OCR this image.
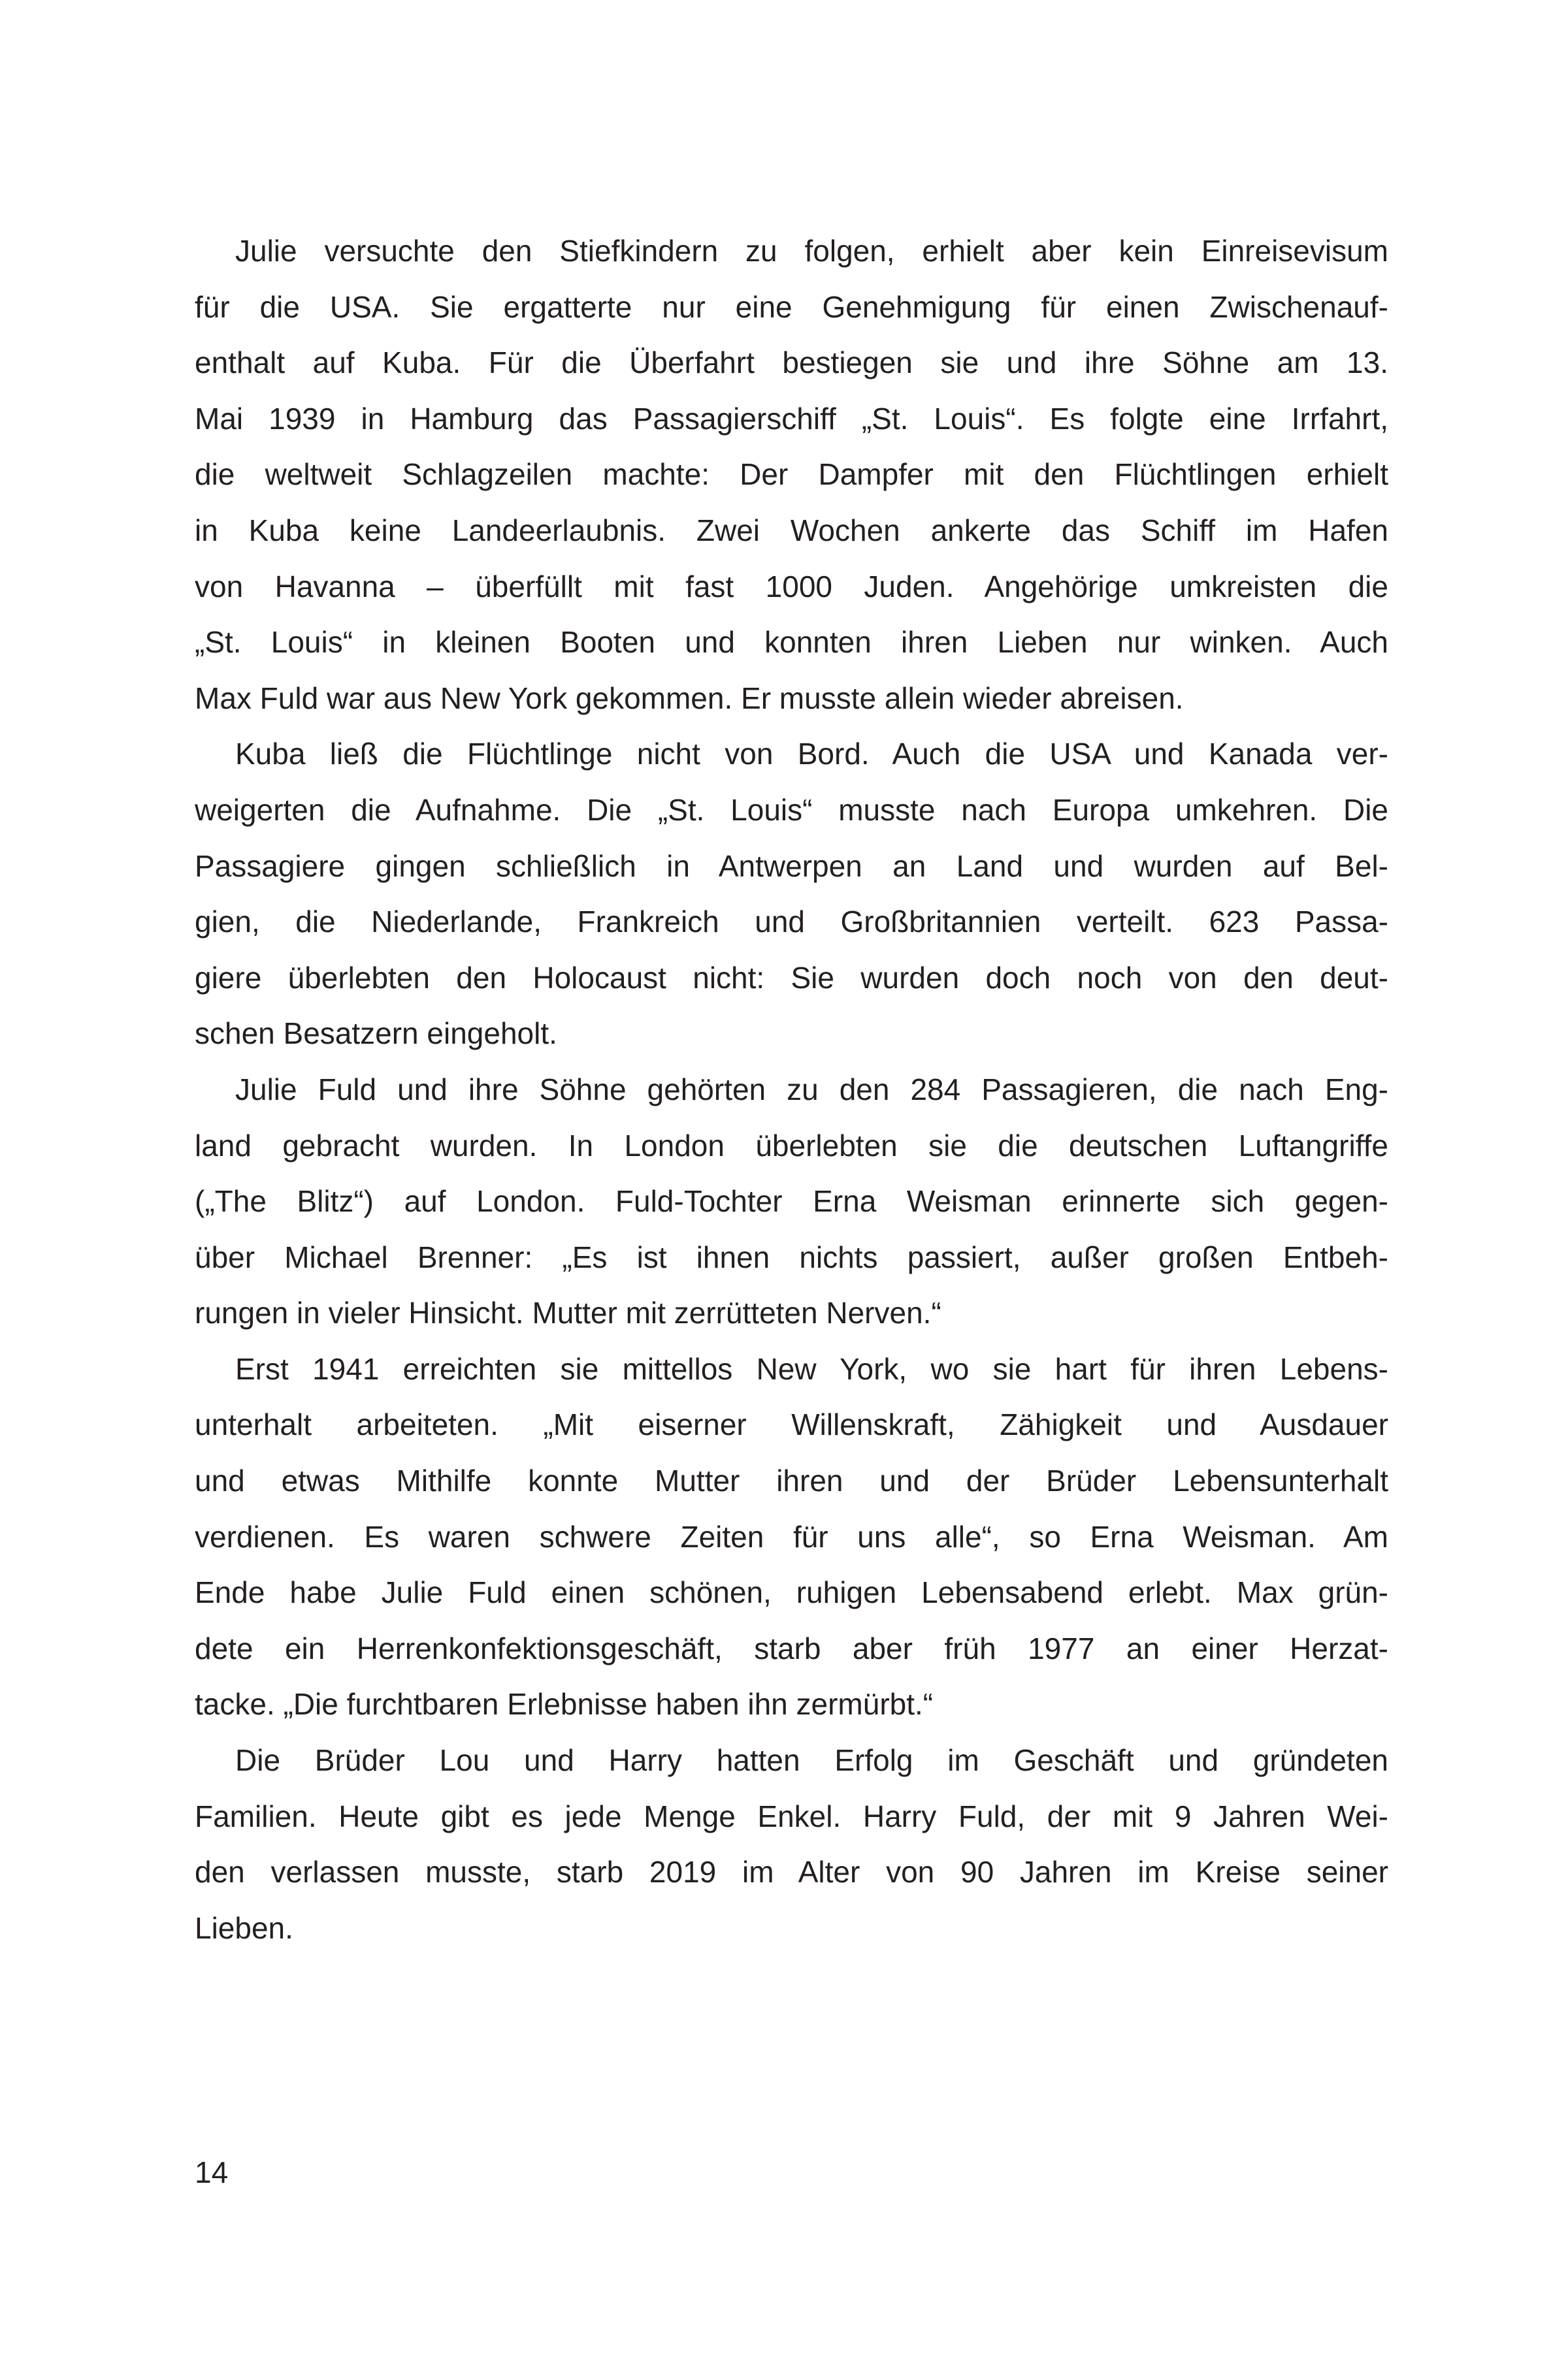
Julie versuchte den Stiefkindern zu folgen, erhielt aber kein Einreisevisum
für die USA. Sie ergatterte nur eine Genehmigung für einen Zwischenauf-
enthalt auf Kuba. Für die Überfahrt bestiegen sie und ihre Söhne am 13.
Mai 1939 in Hamburg das Passagierschiff „St. Louis“. Es folgte eine Irrfahrt,
die weltweit Schlagzeilen machte: Der Dampfer mit den Flüchtlingen erhielt
in Kuba keine Landeerlaubnis. Zwei Wochen ankerte das Schiff im Hafen
von Havanna – überfüllt mit fast 1000 Juden. Angehörige umkreisten die
„St. Louis“ in kleinen Booten und konnten ihren Lieben nur winken. Auch
Max Fuld war aus New York gekommen. Er musste allein wieder abreisen.
Kuba ließ die Flüchtlinge nicht von Bord. Auch die USA und Kanada ver-
weigerten die Aufnahme. Die „St. Louis“ musste nach Europa umkehren. Die
Passagiere gingen schließlich in Antwerpen an Land und wurden auf Bel-
gien, die Niederlande, Frankreich und Großbritannien verteilt. 623 Passa-
giere überlebten den Holocaust nicht: Sie wurden doch noch von den deut-
schen Besatzern eingeholt.
Julie Fuld und ihre Söhne gehörten zu den 284 Passagieren, die nach Eng-
land gebracht wurden. In London überlebten sie die deutschen Luftangriffe
(„The Blitz“) auf London. Fuld-Tochter Erna Weisman erinnerte sich gegen-
über Michael Brenner: „Es ist ihnen nichts passiert, außer großen Entbeh-
rungen in vieler Hinsicht. Mutter mit zerrütteten Nerven.“
Erst 1941 erreichten sie mittellos New York, wo sie hart für ihren Lebens-
unterhalt arbeiteten. „Mit eiserner Willenskraft, Zähigkeit und Ausdauer
und etwas Mithilfe konnte Mutter ihren und der Brüder Lebensunterhalt
verdienen. Es waren schwere Zeiten für uns alle“, so Erna Weisman. Am
Ende habe Julie Fuld einen schönen, ruhigen Lebensabend erlebt. Max grün-
dete ein Herrenkonfektionsgeschäft, starb aber früh 1977 an einer Herzat-
tacke. „Die furchtbaren Erlebnisse haben ihn zermürbt.“
Die Brüder Lou und Harry hatten Erfolg im Geschäft und gründeten
Familien. Heute gibt es jede Menge Enkel. Harry Fuld, der mit 9 Jahren Wei-
den verlassen musste, starb 2019 im Alter von 90 Jahren im Kreise seiner
Lieben.
14
